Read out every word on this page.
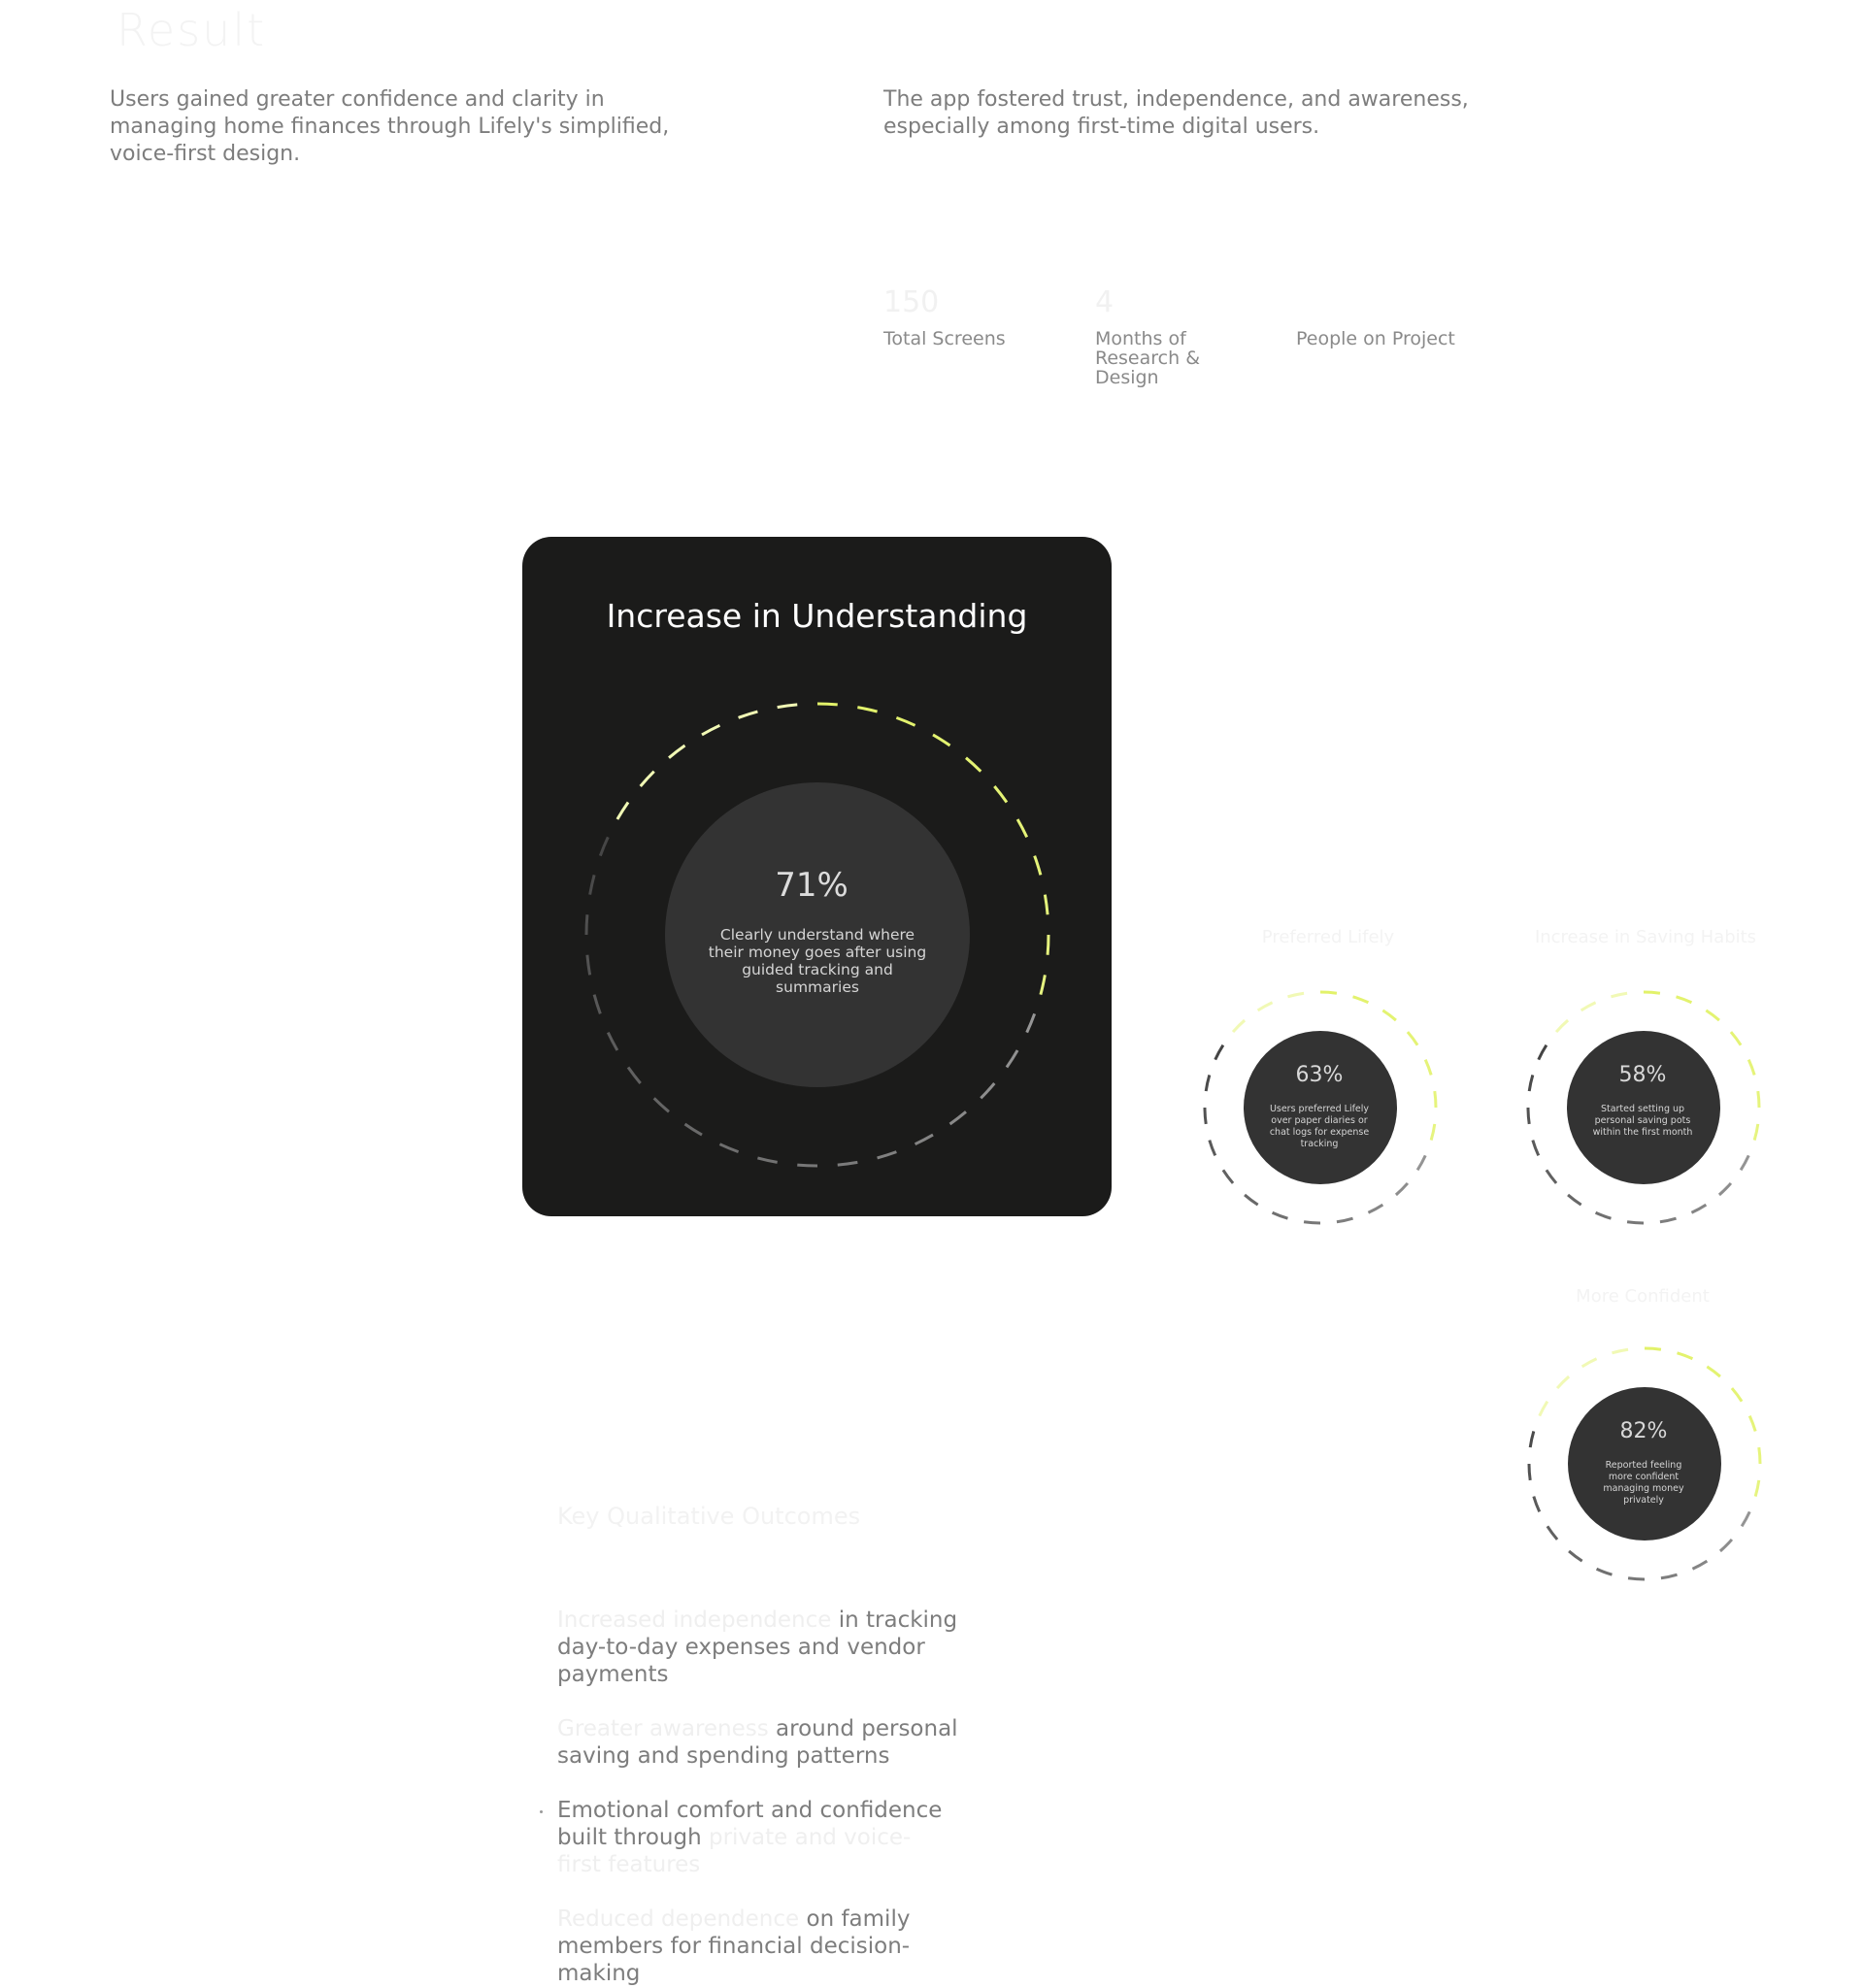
Result
Users gained greater confidence and clarity in managing home finances through Lifely's simplified, voice-first design.
The app fostered trust, independence, and awareness, especially among first-time digital users.
150
Total Screens
4
Months of Research & Design
People on Project
Increase in Understanding
71%
Clearly understand where their money goes after using guided tracking and summaries
Preferred Lifely
63%
Users preferred Lifely over paper diaries or chat logs for expense tracking
Increase in Saving Habits
58%
Started setting up personal saving pots within the first month
More Confident
82%
Reported feeling more confident managing money privately
Key Qualitative Outcomes
Increased independence in tracking day-to-day expenses and vendor payments
Greater awareness around personal saving and spending patterns
Emotional comfort and confidence built through private and voice-first features
Reduced dependence on family members for financial decision-making
